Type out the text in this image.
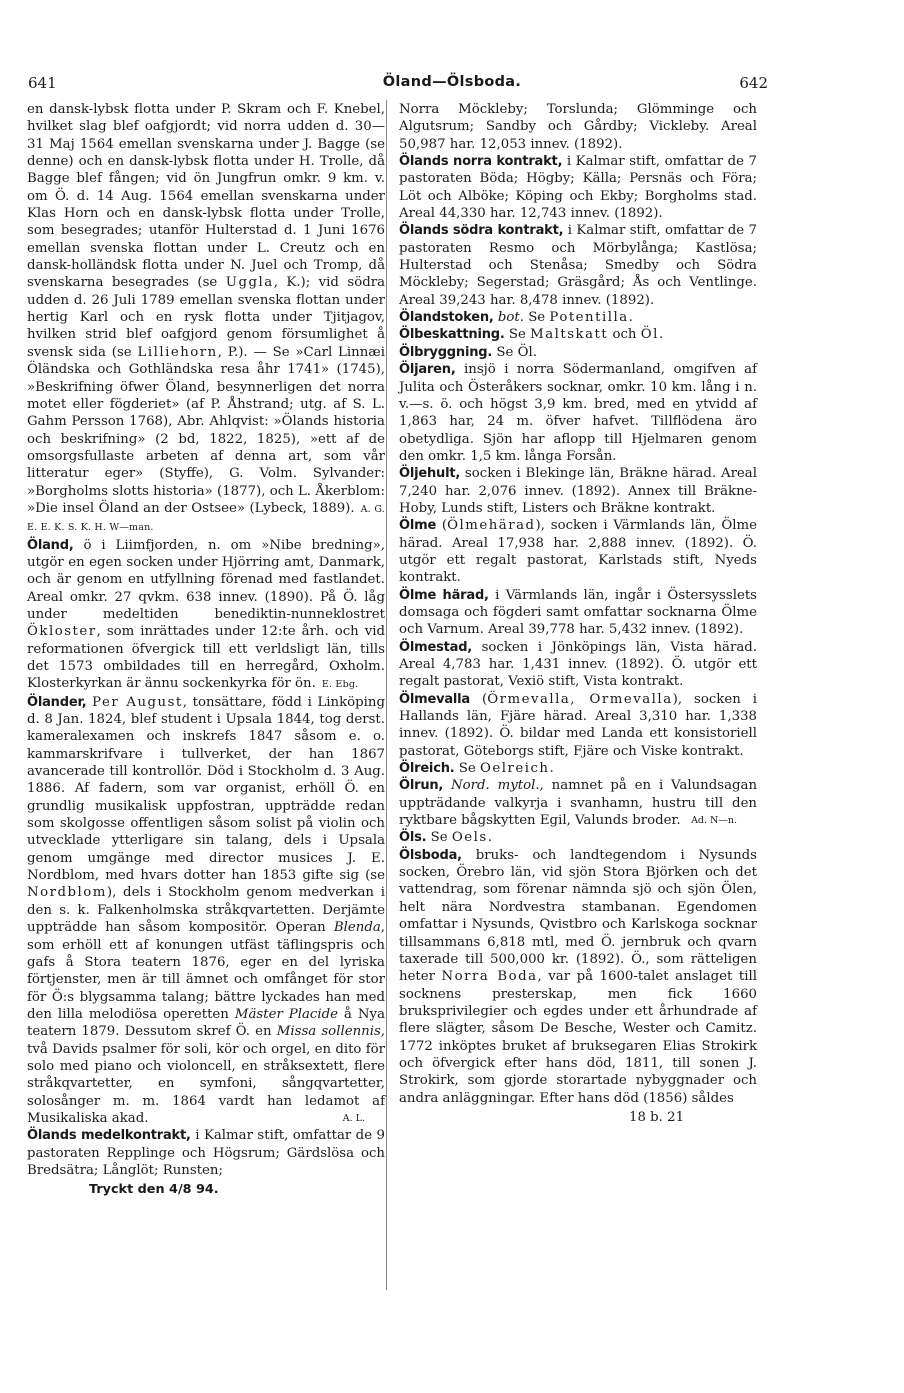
641	Öland—Ölsboda.	642

en dansk-lybsk flotta under P. Skram och F. Knebel, hvilket slag blef oafgjordt; vid norra udden d. 30—31 Maj 1564 emellan svenskarna under J. Bagge (se denne) och en dansk-lybsk flotta under H. Trolle, då Bagge blef fången; vid ön Jungfrun omkr. 9 km. v. om Ö. d. 14 Aug. 1564 emellan svenskarna under Klas Horn och en dansk-lybsk flotta under Trolle, som besegrades; utanför Hulterstad d. 1 Juni 1676 emellan svenska flottan under L. Creutz och en dansk-holländsk flotta under N. Juel och Tromp, då svenskarna besegrades (se Uggla, K.); vid södra udden d. 26 Juli 1789 emellan svenska flottan under hertig Karl och en rysk flotta under Tjitjagov, hvilken strid blef oafgjord genom försumlighet å svensk sida (se Lilliehorn, P.). — Se »Carl Linnæi Öländska och Gothländska resa åhr 1741» (1745), »Beskrifning öfwer Öland, besynnerligen det norra motet eller fögderiet» (af P. Åhstrand; utg. af S. L. Gahm Persson 1768), Abr. Ahlqvist: »Ölands historia och beskrifning» (2 bd, 1822, 1825), »ett af de omsorgsfullaste arbeten af denna art, som vår litteratur eger» (Styffe), G. Volm. Sylvander: »Borgholms slotts historia» (1877), och L. Åkerblom: »Die insel Öland an der Ostsee» (Lybeck, 1889). A. G. E. E. K. S. K. H. W—man.

Öland, ö i Liimfjorden, n. om »Nibe bredning», utgör en egen socken under Hjörring amt, Danmark, och är genom en utfyllning förenad med fastlandet. Areal omkr. 27 qvkm. 638 innev. (1890). På Ö. låg under medeltiden benediktin-nunneklostret Ökloster, som inrättades under 12:te årh. och vid reformationen öfvergick till ett verldsligt län, tills det 1573 ombildades till en herregård, Oxholm. Klosterkyrkan är ännu sockenkyrka för ön. E. Ebg.

Ölander, Per August, tonsättare, född i Linköping d. 8 Jan. 1824, blef student i Upsala 1844, tog derst. kameralexamen och inskrefs 1847 såsom e. o. kammarskrifvare i tullverket, der han 1867 avancerade till kontrollör. Död i Stockholm d. 3 Aug. 1886. Af fadern, som var organist, erhöll Ö. en grundlig musikalisk uppfostran, uppträdde redan som skolgosse offentligen såsom solist på violin och utvecklade ytterligare sin talang, dels i Upsala genom umgänge med director musices J. E. Nordblom, med hvars dotter han 1853 gifte sig (se Nordblom), dels i Stockholm genom medverkan i den s. k. Falkenholmska stråkqvartetten. Derjämte uppträdde han såsom kompositör. Operan Blenda, som erhöll ett af konungen utfäst täflingspris och gafs å Stora teatern 1876, eger en del lyriska förtjenster, men är till ämnet och omfånget för stor för Ö:s blygsamma talang; bättre lyckades han med den lilla melodiösa operetten Mäster Placide å Nya teatern 1879. Dessutom skref Ö. en Missa sollennis, två Davids psalmer för soli, kör och orgel, en dito för solo med piano och violoncell, en stråksextett, flere stråkqvartetter, en symfoni, sångqvartetter, solosånger m. m. 1864 vardt han ledamot af Musikaliska akad.	A. L.

Ölands medelkontrakt, i Kalmar stift, omfattar de 9 pastoraten Repplinge och Högsrum; Gärdslösa och Bredsätra; Långlöt; Runsten;

Tryckt den 4/8 94.

Norra Möckleby; Torslunda; Glömminge och Algutsrum; Sandby och Gårdby; Vickleby. Areal 50,987 har. 12,053 innev. (1892).

Ölands norra kontrakt, i Kalmar stift, omfattar de 7 pastoraten Böda; Högby; Källa; Persnäs och Föra; Löt och Alböke; Köping och Ekby; Borgholms stad. Areal 44,330 har. 12,743 innev. (1892).

Ölands södra kontrakt, i Kalmar stift, omfattar de 7 pastoraten Resmo och Mörbylånga; Kastlösa; Hulterstad och Stenåsa; Smedby och Södra Möckleby; Segerstad; Gräsgård; Ås och Ventlinge. Areal 39,243 har. 8,478 innev. (1892).

Ölandstoken, bot. Se Potentilla.

Ölbeskattning. Se Maltskatt och Öl.

Ölbryggning. Se Öl.

Öljaren, insjö i norra Södermanland, omgifven af Julita och Österåkers socknar, omkr. 10 km. lång i n. v.—s. ö. och högst 3,9 km. bred, med en ytvidd af 1,863 har, 24 m. öfver hafvet. Tillflödena äro obetydliga. Sjön har aflopp till Hjelmaren genom den omkr. 1,5 km. långa Forsån.

Öljehult, socken i Blekinge län, Bräkne härad. Areal 7,240 har. 2,076 innev. (1892). Annex till Bräkne-Hoby, Lunds stift, Listers och Bräkne kontrakt.

Ölme (Ölmehärad), socken i Värmlands län, Ölme härad. Areal 17,938 har. 2,888 innev. (1892). Ö. utgör ett regalt pastorat, Karlstads stift, Nyeds kontrakt.

Ölme härad, i Värmlands län, ingår i Östersysslets domsaga och fögderi samt omfattar socknarna Ölme och Varnum. Areal 39,778 har. 5,432 innev. (1892).

Ölmestad, socken i Jönköpings län, Vista härad. Areal 4,783 har. 1,431 innev. (1892). Ö. utgör ett regalt pastorat, Vexiö stift, Vista kontrakt.

Ölmevalla (Örmevalla, Ormevalla), socken i Hallands län, Fjäre härad. Areal 3,310 har. 1,338 innev. (1892). Ö. bildar med Landa ett konsistoriell pastorat, Göteborgs stift, Fjäre och Viske kontrakt.

Ölreich. Se Oelreich.

Ölrun, Nord. mytol., namnet på en i Valundsagan uppträdande valkyrja i svanhamn, hustru till den ryktbare bågskytten Egil, Valunds broder. Ad. N—n.

Öls. Se Oels.

Ölsboda, bruks- och landtegendom i Nysunds socken, Örebro län, vid sjön Stora Björken och det vattendrag, som förenar nämnda sjö och sjön Ölen, helt nära Nordvestra stambanan. Egendomen omfattar i Nysunds, Qvistbro och Karlskoga socknar tillsammans 6,818 mtl, med Ö. jernbruk och qvarn taxerade till 500,000 kr. (1892). Ö., som rätteligen heter Norra Boda, var på 1600-talet anslaget till socknens presterskap, men fick 1660 bruksprivilegier och egdes under ett århundrade af flere slägter, såsom De Besche, Wester och Camitz. 1772 inköptes bruket af bruksegaren Elias Strokirk och öfvergick efter hans död, 1811, till sonen J. Strokirk, som gjorde storartade nybyggnader och andra anläggningar. Efter hans död (1856) såldes

18 b. 21
